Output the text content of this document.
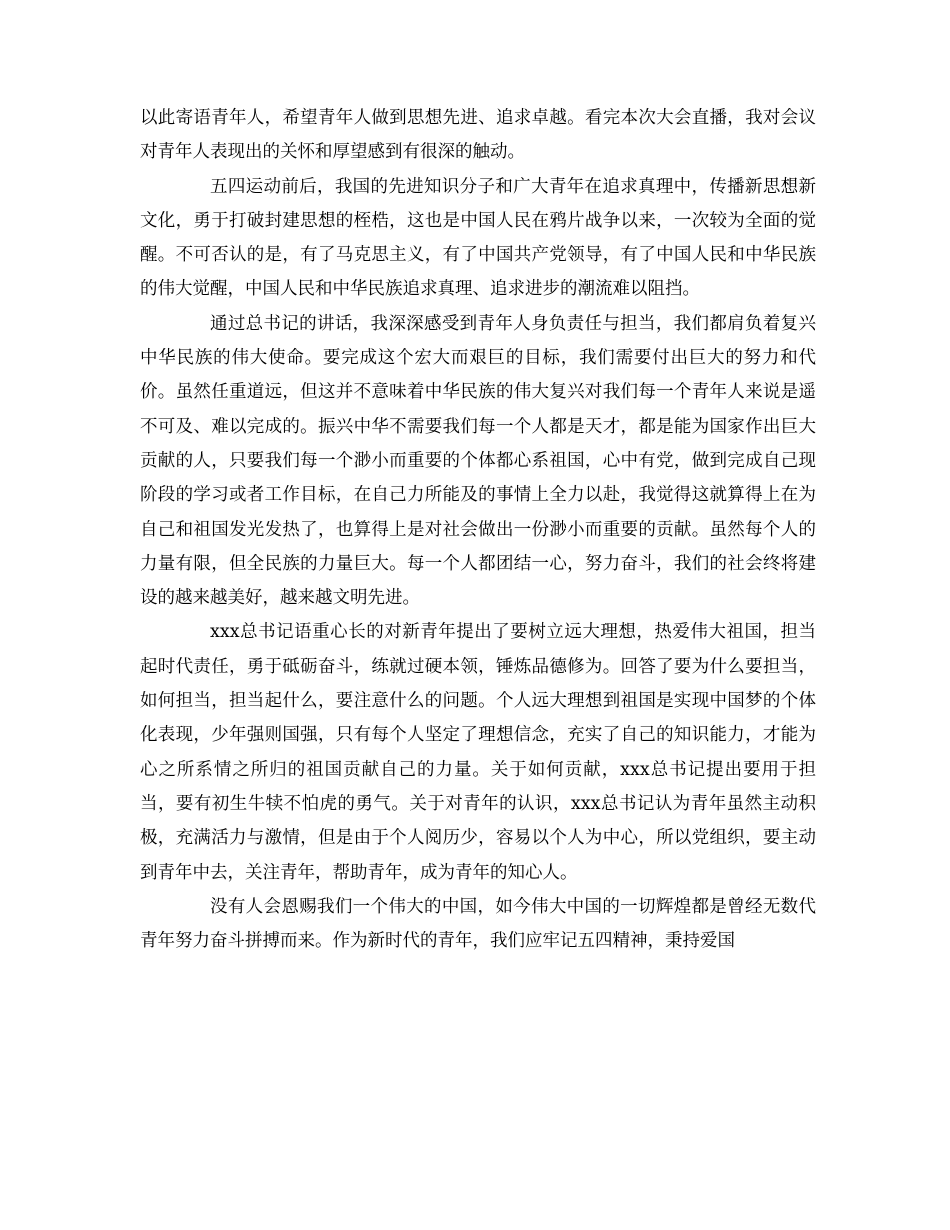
以此寄语青年人，希望青年人做到思想先进、追求卓越。看完本次大会直播，我对会议对青年人表现出的关怀和厚望感到有很深的触动。

五四运动前后，我国的先进知识分子和广大青年在追求真理中，传播新思想新文化，勇于打破封建思想的桎梏，这也是中国人民在鸦片战争以来，一次较为全面的觉醒。不可否认的是，有了马克思主义，有了中国共产党领导，有了中国人民和中华民族的伟大觉醒，中国人民和中华民族追求真理、追求进步的潮流难以阻挡。

通过总书记的讲话，我深深感受到青年人身负责任与担当，我们都肩负着复兴中华民族的伟大使命。要完成这个宏大而艰巨的目标，我们需要付出巨大的努力和代价。虽然任重道远，但这并不意味着中华民族的伟大复兴对我们每一个青年人来说是遥不可及、难以完成的。振兴中华不需要我们每一个人都是天才，都是能为国家作出巨大贡献的人，只要我们每一个渺小而重要的个体都心系祖国，心中有党，做到完成自己现阶段的学习或者工作目标，在自己力所能及的事情上全力以赴，我觉得这就算得上在为自己和祖国发光发热了，也算得上是对社会做出一份渺小而重要的贡献。虽然每个人的力量有限，但全民族的力量巨大。每一个人都团结一心，努力奋斗，我们的社会终将建设的越来越美好，越来越文明先进。

xxx总书记语重心长的对新青年提出了要树立远大理想，热爱伟大祖国，担当起时代责任，勇于砥砺奋斗，练就过硬本领，锤炼品德修为。回答了要为什么要担当，如何担当，担当起什么，要注意什么的问题。个人远大理想到祖国是实现中国梦的个体化表现，少年强则国强，只有每个人坚定了理想信念，充实了自己的知识能力，才能为心之所系情之所归的祖国贡献自己的力量。关于如何贡献，xxx总书记提出要用于担当，要有初生牛犊不怕虎的勇气。关于对青年的认识，xxx总书记认为青年虽然主动积极，充满活力与激情，但是由于个人阅历少，容易以个人为中心，所以党组织，要主动到青年中去，关注青年，帮助青年，成为青年的知心人。

没有人会恩赐我们一个伟大的中国，如今伟大中国的一切辉煌都是曾经无数代青年努力奋斗拼搏而来。作为新时代的青年，我们应牢记五四精神，秉持爱国
